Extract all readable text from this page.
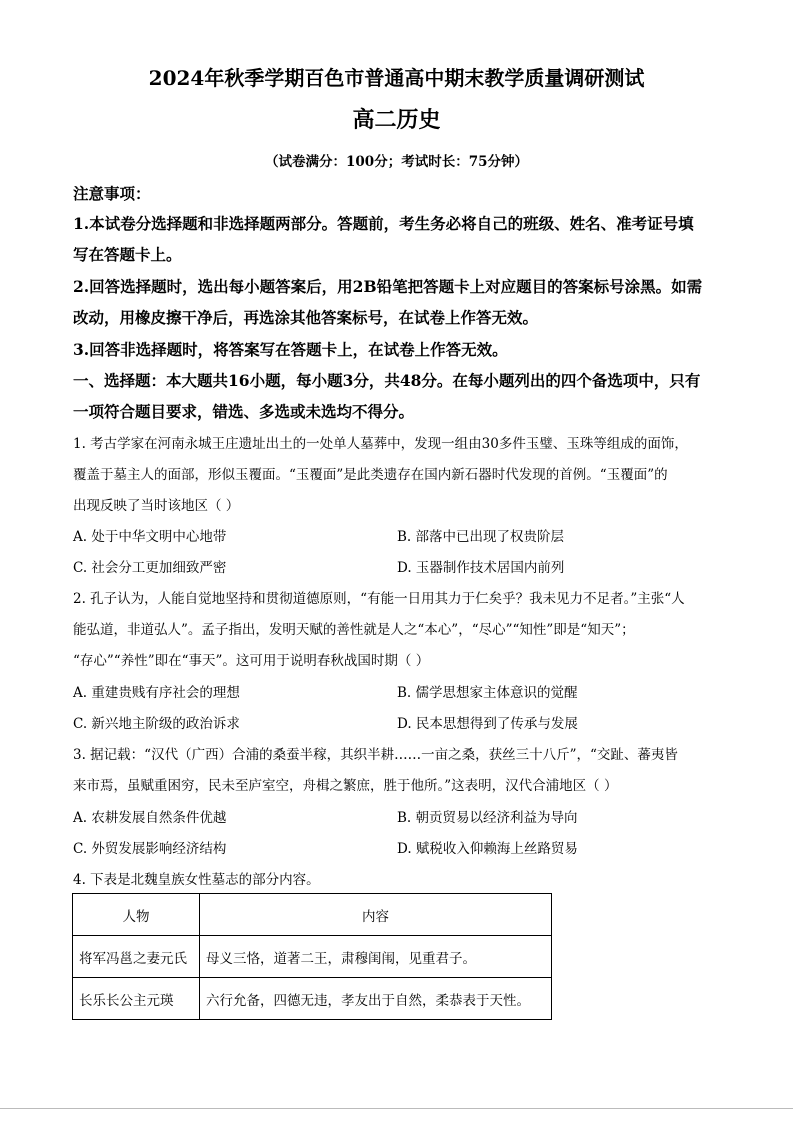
2024年秋季学期百色市普通高中期末教学质量调研测试
高二历史
（试卷满分：100分；考试时长：75分钟）
注意事项：
1.本试卷分选择题和非选择题两部分。答题前，考生务必将自己的班级、姓名、准考证号填
写在答题卡上。
2.回答选择题时，选出每小题答案后，用2B铅笔把答题卡上对应题目的答案标号涂黑。如需
改动，用橡皮擦干净后，再选涂其他答案标号，在试卷上作答无效。
3.回答非选择题时，将答案写在答题卡上，在试卷上作答无效。
一、选择题：本大题共16小题，每小题3分，共48分。在每小题列出的四个备选项中，只有
一项符合题目要求，错选、多选或未选均不得分。
1. 考古学家在河南永城王庄遗址出土的一处单人墓葬中，发现一组由30多件玉璧、玉珠等组成的面饰，
覆盖于墓主人的面部，形似玉覆面。“玉覆面”是此类遗存在国内新石器时代发现的首例。“玉覆面”的
出现反映了当时该地区（ ）
A. 处于中华文明中心地带	B. 部落中已出现了权贵阶层
C. 社会分工更加细致严密	D. 玉器制作技术居国内前列
2. 孔子认为，人能自觉地坚持和贯彻道德原则，“有能一日用其力于仁矣乎？我未见力不足者。”主张“人
能弘道，非道弘人”。孟子指出，发明天赋的善性就是人之“本心”，“尽心”“知性”即是“知天”；
“存心”“养性”即在“事天”。这可用于说明春秋战国时期（ ）
A. 重建贵贱有序社会的理想	B. 儒学思想家主体意识的觉醒
C. 新兴地主阶级的政治诉求	D. 民本思想得到了传承与发展
3. 据记载：“汉代（广西）合浦的桑蚕半稼，其织半耕……一亩之桑，获丝三十八斤”，“交趾、蕃夷皆
来市焉，虽赋重困穷，民未至庐室空，舟楫之繁庶，胜于他所。”这表明，汉代合浦地区（ ）
A. 农耕发展自然条件优越	B. 朝贡贸易以经济利益为导向
C. 外贸发展影响经济结构	D. 赋税收入仰赖海上丝路贸易
4. 下表是北魏皇族女性墓志的部分内容。
人物	内容
将军冯邕之妻元氏	母义三恪，道著二王，肃穆闺闱，见重君子。
长乐长公主元瑛	六行允备，四德无违，孝友出于自然，柔恭表于天性。
